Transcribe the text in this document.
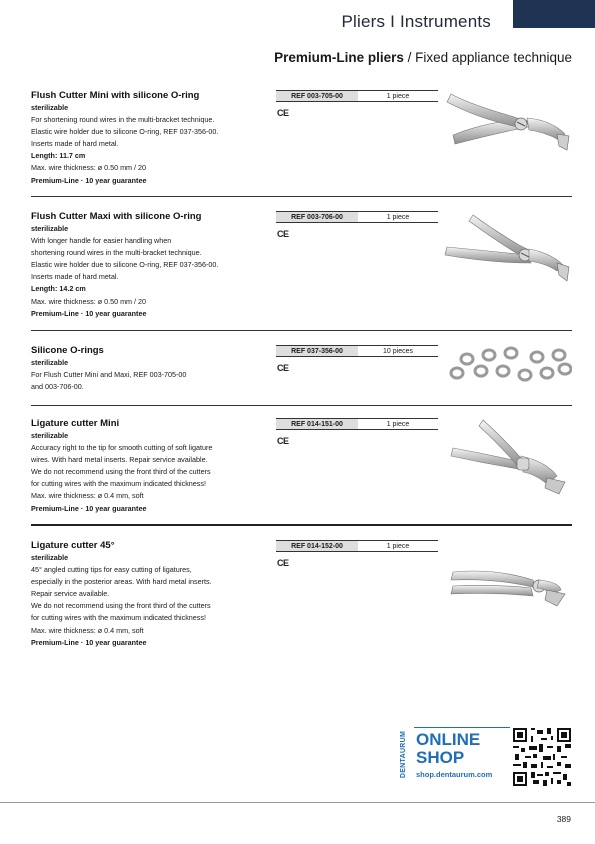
Pliers I Instruments
Premium-Line pliers / Fixed appliance technique
Flush Cutter Mini with silicone O-ring
sterilizable
For shortening round wires in the multi-bracket technique.
Elastic wire holder due to silicone O-ring, REF 037-356-00.
Inserts made of hard metal.
Length: 11.7 cm
Max. wire thickness: ø 0.50 mm / 20
Premium-Line · 10 year guarantee
REF 003-705-00	1 piece
CE
Flush Cutter Maxi with silicone O-ring
sterilizable
With longer handle for easier handling when
shortening round wires in the multi-bracket technique.
Elastic wire holder due to silicone O-ring, REF 037-356-00.
Inserts made of hard metal.
Length: 14.2 cm
Max. wire thickness: ø 0.50 mm / 20
Premium-Line · 10 year guarantee
REF 003-706-00	1 piece
CE
Silicone O-rings
sterilizable
For Flush Cutter Mini and Maxi, REF 003-705-00
and 003-706-00.
REF 037-356-00	10 pieces
CE
Ligature cutter Mini
sterilizable
Accuracy right to the tip for smooth cutting of soft ligature
wires. With hard metal inserts. Repair service available.
We do not recommend using the front third of the cutters
for cutting wires with the maximum indicated thickness!
Max. wire thickness: ø 0.4 mm, soft
Premium-Line · 10 year guarantee
REF 014-151-00	1 piece
CE
Ligature cutter 45°
sterilizable
45° angled cutting tips for easy cutting of ligatures,
especially in the posterior areas. With hard metal inserts.
Repair service available.
We do not recommend using the front third of the cutters
for cutting wires with the maximum indicated thickness!
Max. wire thickness: ø 0.4 mm, soft
Premium-Line · 10 year guarantee
REF 014-152-00	1 piece
CE
DENTAURUM ONLINE
SHOP
shop.dentaurum.com
389
